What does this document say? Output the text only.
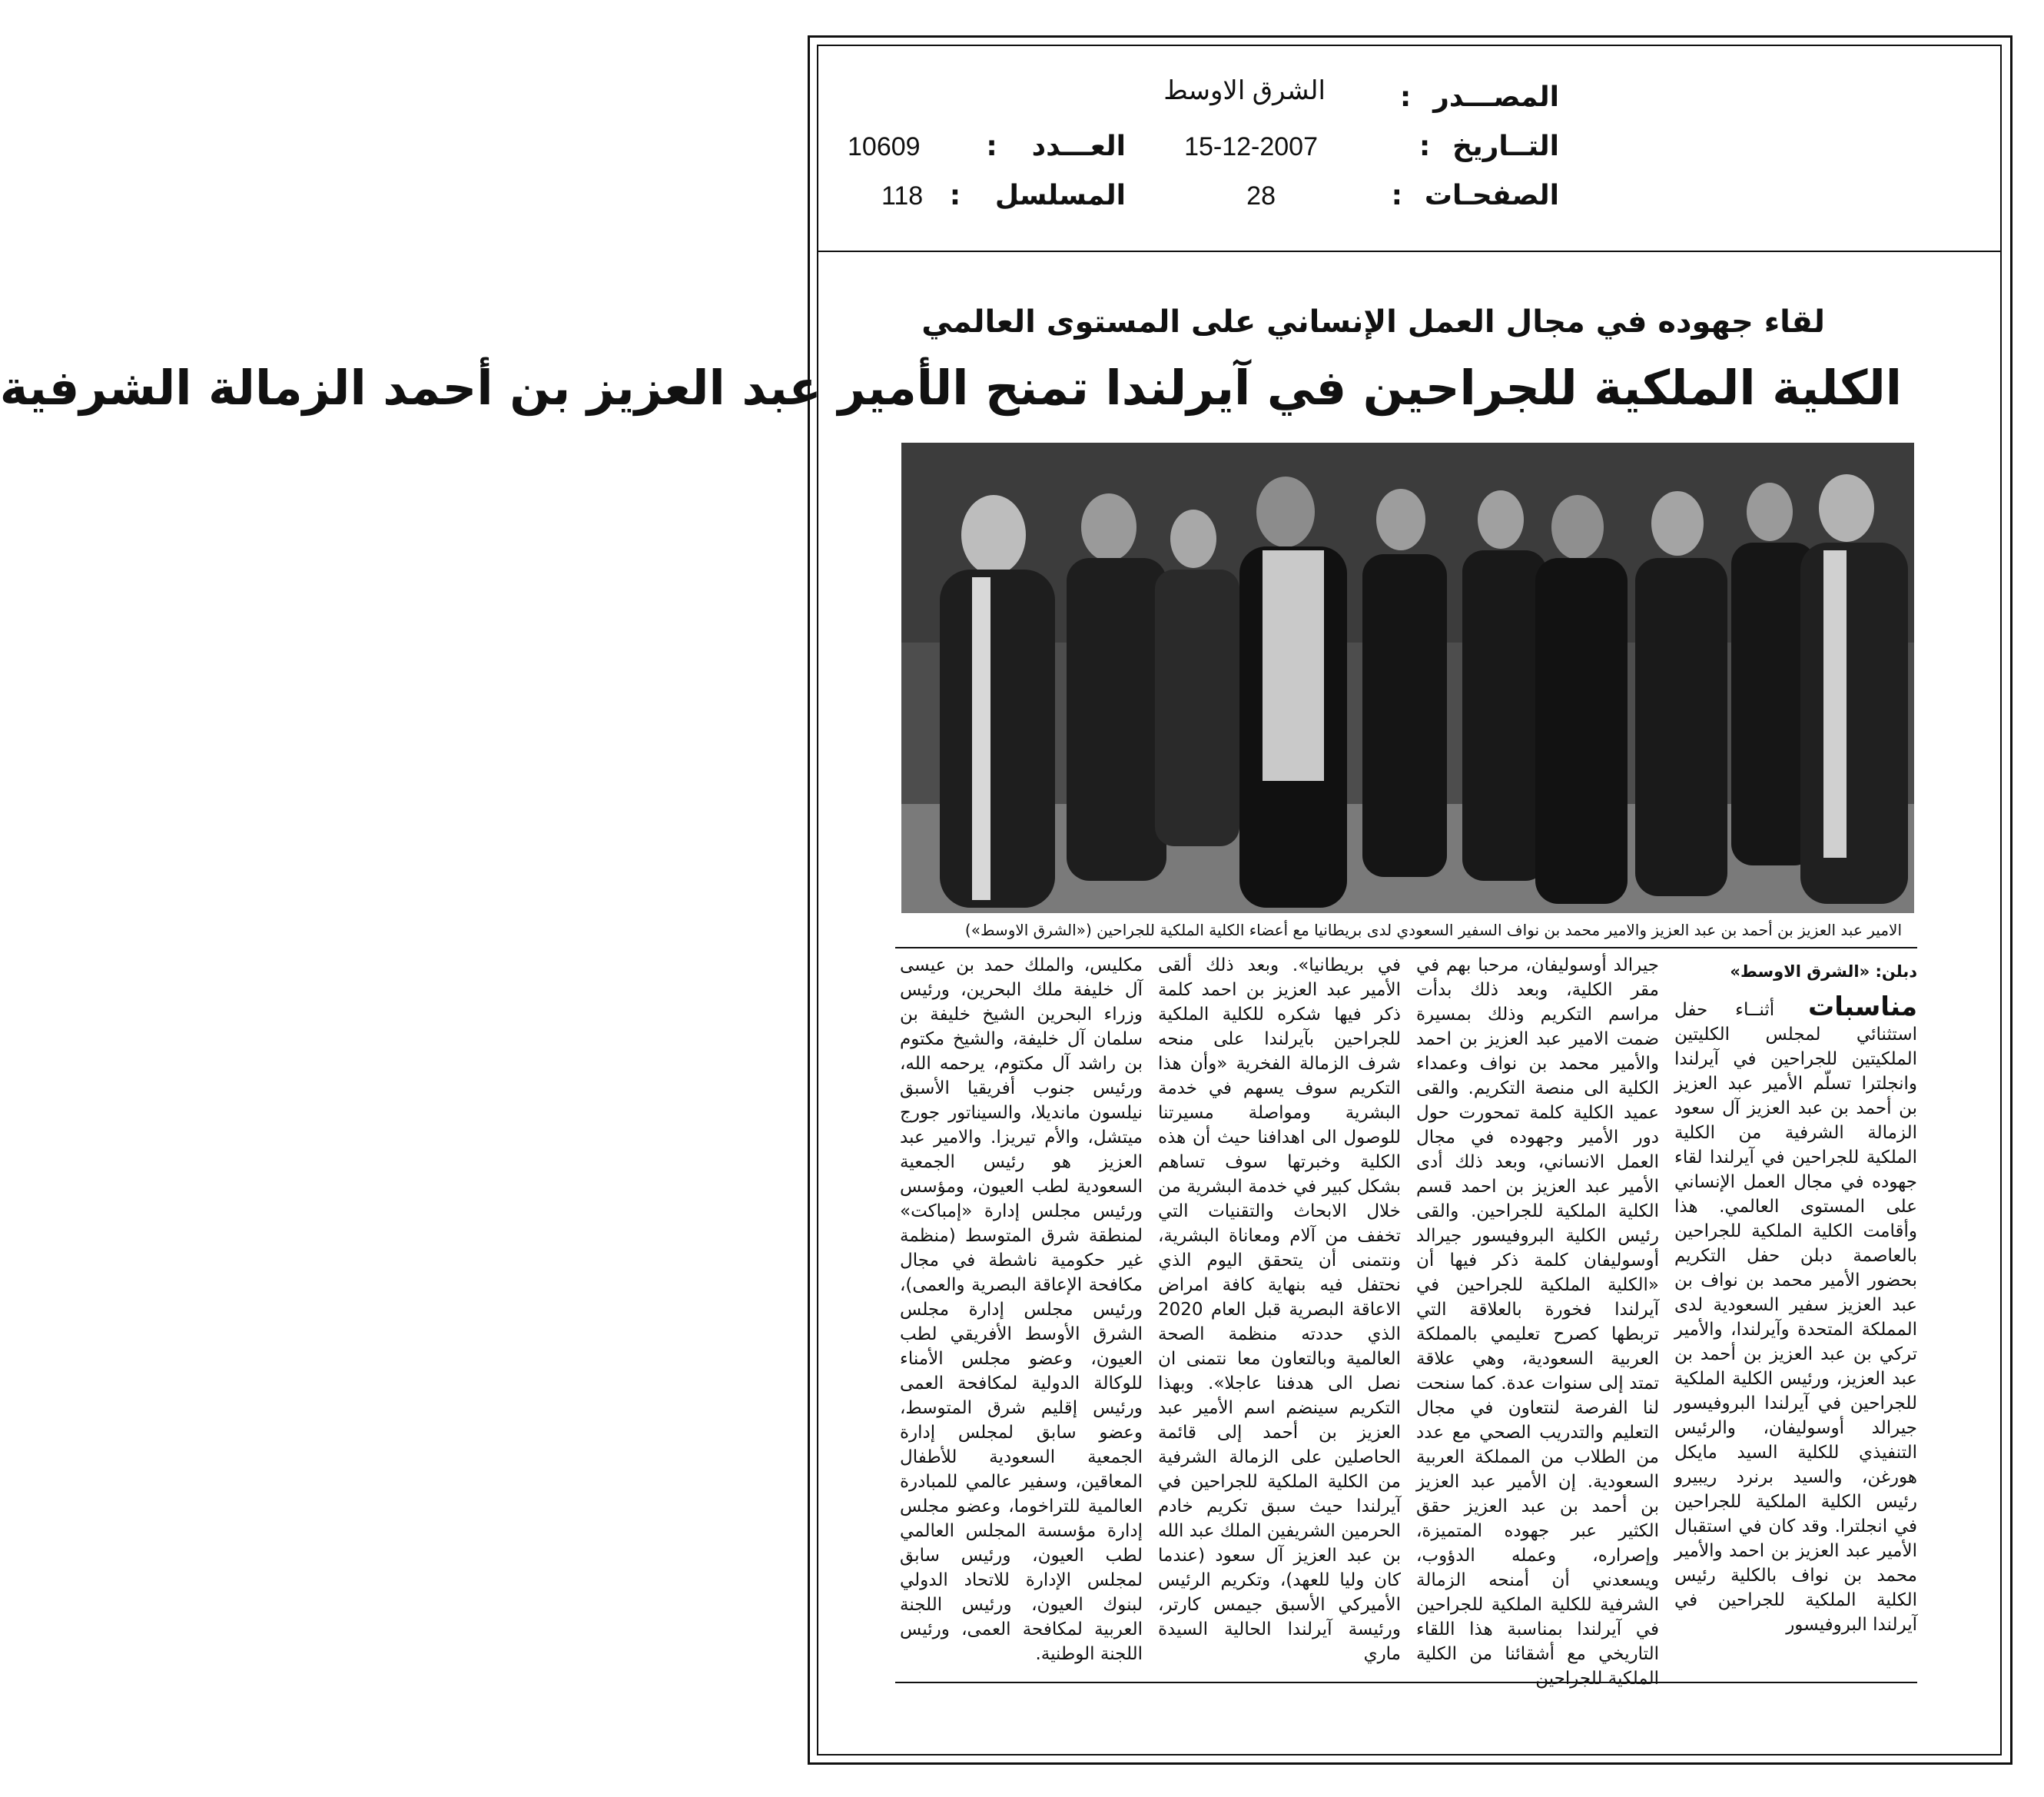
المصـــدر :
الشرق الاوسط
التــاريخ :
15-12-2007
العـــدد :
10609
الصفحـات :
28
المسلسل :
118
لقاء جهوده في مجال العمل الإنساني على المستوى العالمي
الكلية الملكية للجراحين في آيرلندا تمنح الأمير عبد العزيز بن أحمد الزمالة الشرفية
الامير عبد العزيز بن أحمد بن عبد العزيز والامير محمد بن نواف السفير السعودي لدى بريطانيا مع أعضاء الكلية الملكية للجراحين («الشرق الاوسط»)
دبلن: «الشرق الاوسط»
مناسبات أثنــاء حفل استثنائي لمجلس الكليتين الملكيتين للجراحين في آيرلندا وانجلترا تسلّم الأمير عبد العزيز بن أحمد بن عبد العزيز آل سعود الزمالة الشرفية من الكلية الملكية للجراحين في آيرلندا لقاء جهوده في مجال العمل الإنساني على المستوى العالمي. هذا وأقامت الكلية الملكية للجراحين بالعاصمة دبلن حفل التكريم بحضور الأمير محمد بن نواف بن عبد العزيز سفير السعودية لدى المملكة المتحدة وآيرلندا، والأمير تركي بن عبد العزيز بن أحمد بن عبد العزيز، ورئيس الكلية الملكية للجراحين في آيرلندا البروفيسور جيرالد أوسوليفان، والرئيس التنفيذي للكلية السيد مايكل هورغن، والسيد برنرد ريبيرو رئيس الكلية الملكية للجراحين في انجلترا. وقد كان في استقبال الأمير عبد العزيز بن احمد والأمير محمد بن نواف بالكلية رئيس الكلية الملكية للجراحين في آيرلندا البروفيسور
جيرالد أوسوليفان، مرحبا بهم في مقر الكلية، وبعد ذلك بدأت مراسم التكريم وذلك بمسيرة ضمت الامير عبد العزيز بن احمد والأمير محمد بن نواف وعمداء الكلية الى منصة التكريم. والقى عميد الكلية كلمة تمحورت حول دور الأمير وجهوده في مجال العمل الانساني، وبعد ذلك أدى الأمير عبد العزيز بن احمد قسم الكلية الملكية للجراحين. والقى رئيس الكلية البروفيسور جيرالد أوسوليفان كلمة ذكر فيها أن «الكلية الملكية للجراحين في آيرلندا فخورة بالعلاقة التي تربطها كصرح تعليمي بالمملكة العربية السعودية، وهي علاقة تمتد إلى سنوات عدة. كما سنحت لنا الفرصة لنتعاون في مجال التعليم والتدريب الصحي مع عدد من الطلاب من المملكة العربية السعودية. إن الأمير عبد العزيز بن أحمد بن عبد العزيز حقق الكثير عبر جهوده المتميزة، وإصراره، وعمله الدؤوب، ويسعدني أن أمنحه الزمالة الشرفية للكلية الملكية للجراحين في آيرلندا بمناسبة هذا اللقاء التاريخي مع أشقائنا من الكلية الملكية للجراحين
في بريطانيا». وبعد ذلك ألقى الأمير عبد العزيز بن احمد كلمة ذكر فيها شكره للكلية الملكية للجراحين بآيرلندا على منحه شرف الزمالة الفخرية «وأن هذا التكريم سوف يسهم في خدمة البشرية ومواصلة مسيرتنا للوصول الى اهدافنا حيث أن هذه الكلية وخبرتها سوف تساهم بشكل كبير في خدمة البشرية من خلال الابحاث والتقنيات التي تخفف من آلام ومعاناة البشرية، ونتمنى أن يتحقق اليوم الذي نحتفل فيه بنهاية كافة امراض الاعاقة البصرية قبل العام 2020 الذي حددته منظمة الصحة العالمية وبالتعاون معا نتمنى ان نصل الى هدفنا عاجلا». وبهذا التكريم سينضم اسم الأمير عبد العزيز بن أحمد إلى قائمة الحاصلين على الزمالة الشرفية من الكلية الملكية للجراحين في آيرلندا حيث سبق تكريم خادم الحرمين الشريفين الملك عبد الله بن عبد العزيز آل سعود (عندما كان وليا للعهد)، وتكريم الرئيس الأميركي الأسبق جيمس كارتر، ورئيسة آيرلندا الحالية السيدة ماري
مكليس، والملك حمد بن عيسى آل خليفة ملك البحرين، ورئيس وزراء البحرين الشيخ خليفة بن سلمان آل خليفة، والشيخ مكتوم بن راشد آل مكتوم، يرحمه الله، ورئيس جنوب أفريقيا الأسبق نيلسون مانديلا، والسيناتور جورج ميتشل، والأم تيريزا. والامير عبد العزيز هو رئيس الجمعية السعودية لطب العيون، ومؤسس ورئيس مجلس إدارة «إمباكت» لمنطقة شرق المتوسط (منظمة غير حكومية ناشطة في مجال مكافحة الإعاقة البصرية والعمى)، ورئيس مجلس إدارة مجلس الشرق الأوسط الأفريقي لطب العيون، وعضو مجلس الأمناء للوكالة الدولية لمكافحة العمى ورئيس إقليم شرق المتوسط، وعضو سابق لمجلس إدارة الجمعية السعودية للأطفال المعاقين، وسفير عالمي للمبادرة العالمية للتراخوما، وعضو مجلس إدارة مؤسسة المجلس العالمي لطب العيون، ورئيس سابق لمجلس الإدارة للاتحاد الدولي لبنوك العيون، ورئيس اللجنة العربية لمكافحة العمى، ورئيس اللجنة الوطنية.
